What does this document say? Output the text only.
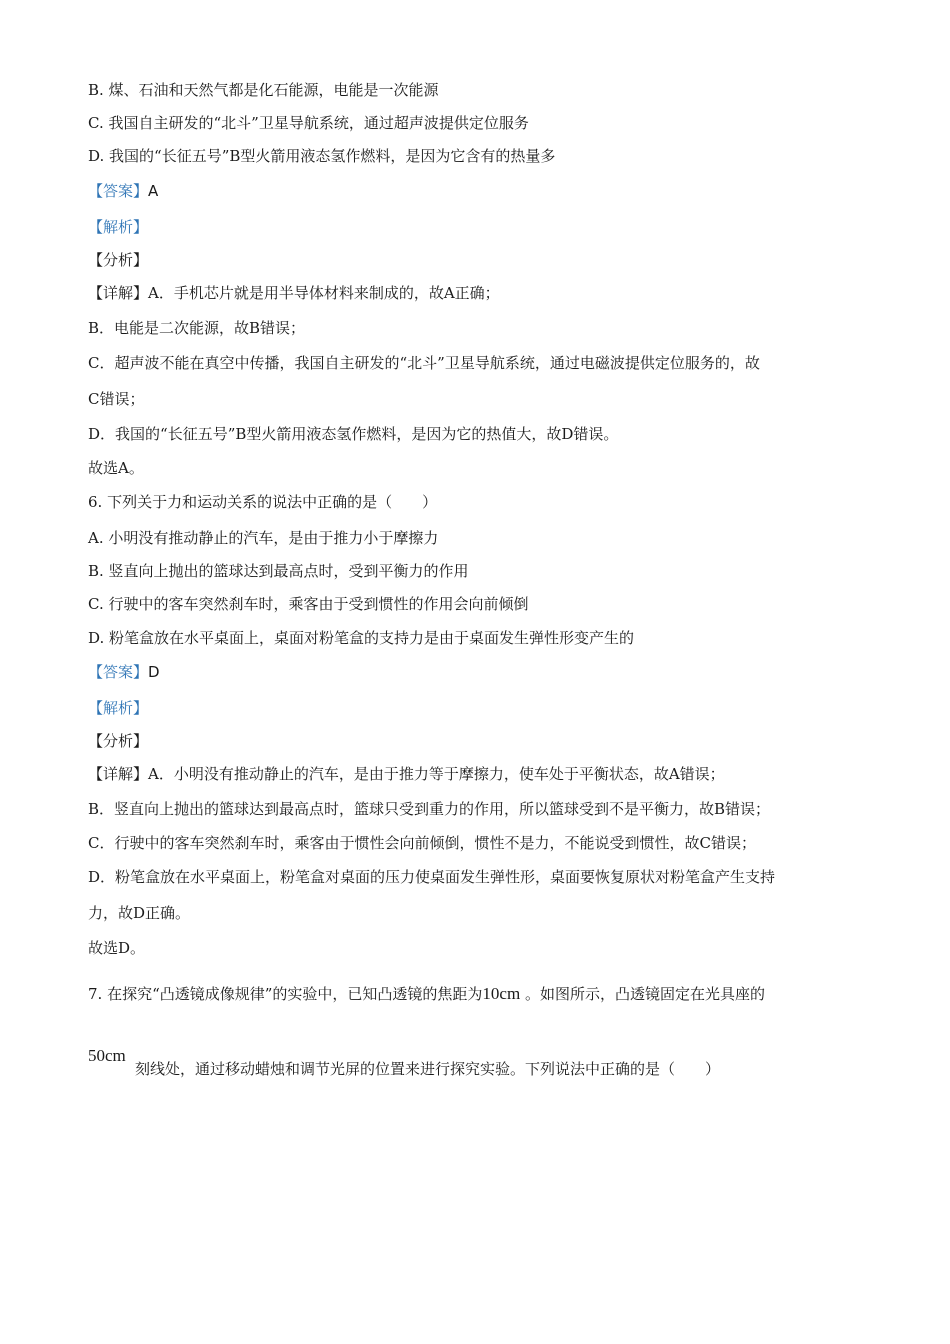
B. 煤、石油和天然气都是化石能源，电能是一次能源
C. 我国自主研发的“北斗”卫星导航系统，通过超声波提供定位服务
D. 我国的“长征五号”B型火箭用液态氢作燃料，是因为它含有的热量多
【答案】A
【解析】
【分析】
【详解】A．手机芯片就是用半导体材料来制成的，故A正确；
B．电能是二次能源，故B错误；
C．超声波不能在真空中传播，我国自主研发的“北斗”卫星导航系统，通过电磁波提供定位服务的，故
C错误；
D．我国的“长征五号”B型火箭用液态氢作燃料，是因为它的热值大，故D错误。
故选A。
6. 下列关于力和运动关系的说法中正确的是（　　）
A. 小明没有推动静止的汽车，是由于推力小于摩擦力
B. 竖直向上抛出的篮球达到最高点时，受到平衡力的作用
C. 行驶中的客车突然刹车时，乘客由于受到惯性的作用会向前倾倒
D. 粉笔盒放在水平桌面上，桌面对粉笔盒的支持力是由于桌面发生弹性形变产生的
【答案】D
【解析】
【分析】
【详解】A．小明没有推动静止的汽车，是由于推力等于摩擦力，使车处于平衡状态，故A错误；
B．竖直向上抛出的篮球达到最高点时，篮球只受到重力的作用，所以篮球受到不是平衡力，故B错误；
C．行驶中的客车突然刹车时，乘客由于惯性会向前倾倒，惯性不是力，不能说受到惯性，故C错误；
D．粉笔盒放在水平桌面上，粉笔盒对桌面的压力使桌面发生弹性形，桌面要恢复原状对粉笔盒产生支持
力，故D正确。
故选D。
7. 在探究“凸透镜成像规律”的实验中，已知凸透镜的焦距为10cm 。如图所示，凸透镜固定在光具座的
50cm
刻线处，通过移动蜡烛和调节光屏的位置来进行探究实验。下列说法中正确的是（　　）
